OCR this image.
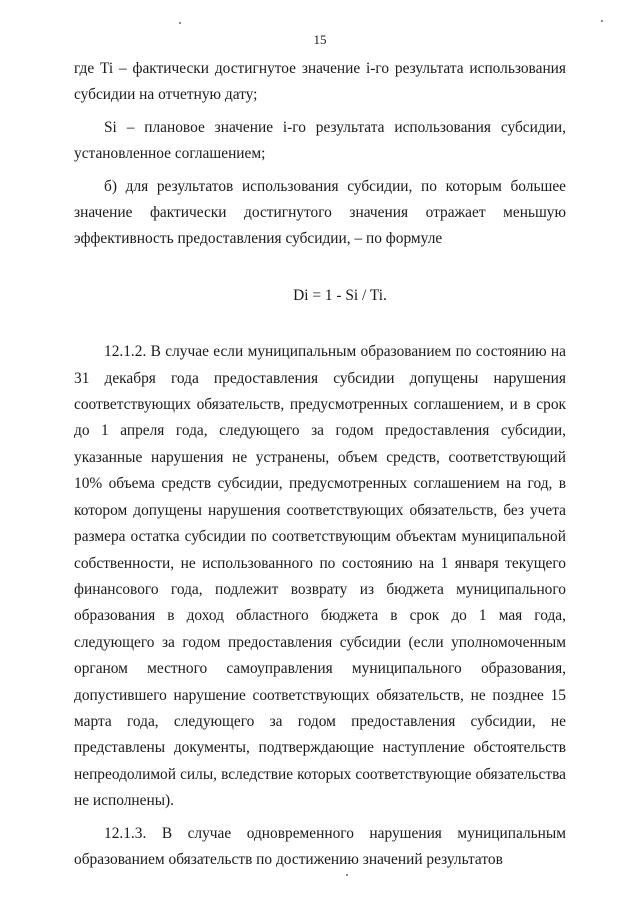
15

где Ti – фактически достигнутое значение i-го результата использования субсидии на отчетную дату;

Si – плановое значение i-го результата использования субсидии, установленное соглашением;

б) для результатов использования субсидии, по которым большее значение фактически достигнутого значения отражает меньшую эффективность предоставления субсидии, – по формуле

Di = 1 - Si / Ti.

12.1.2. В случае если муниципальным образованием по состоянию на 31 декабря года предоставления субсидии допущены нарушения соответствующих обязательств, предусмотренных соглашением, и в срок до 1 апреля года, следующего за годом предоставления субсидии, указанные нарушения не устранены, объем средств, соответствующий 10% объема средств субсидии, предусмотренных соглашением на год, в котором допущены нарушения соответствующих обязательств, без учета размера остатка субсидии по соответствующим объектам муниципальной собственности, не использованного по состоянию на 1 января текущего финансового года, подлежит возврату из бюджета муниципального образования в доход областного бюджета в срок до 1 мая года, следующего за годом предоставления субсидии (если уполномоченным органом местного самоуправления муниципального образования, допустившего нарушение соответствующих обязательств, не позднее 15 марта года, следующего за годом предоставления субсидии, не представлены документы, подтверждающие наступление обстоятельств непреодолимой силы, вследствие которых соответствующие обязательства не исполнены).

12.1.3. В случае одновременного нарушения муниципальным образованием обязательств по достижению значений результатов
